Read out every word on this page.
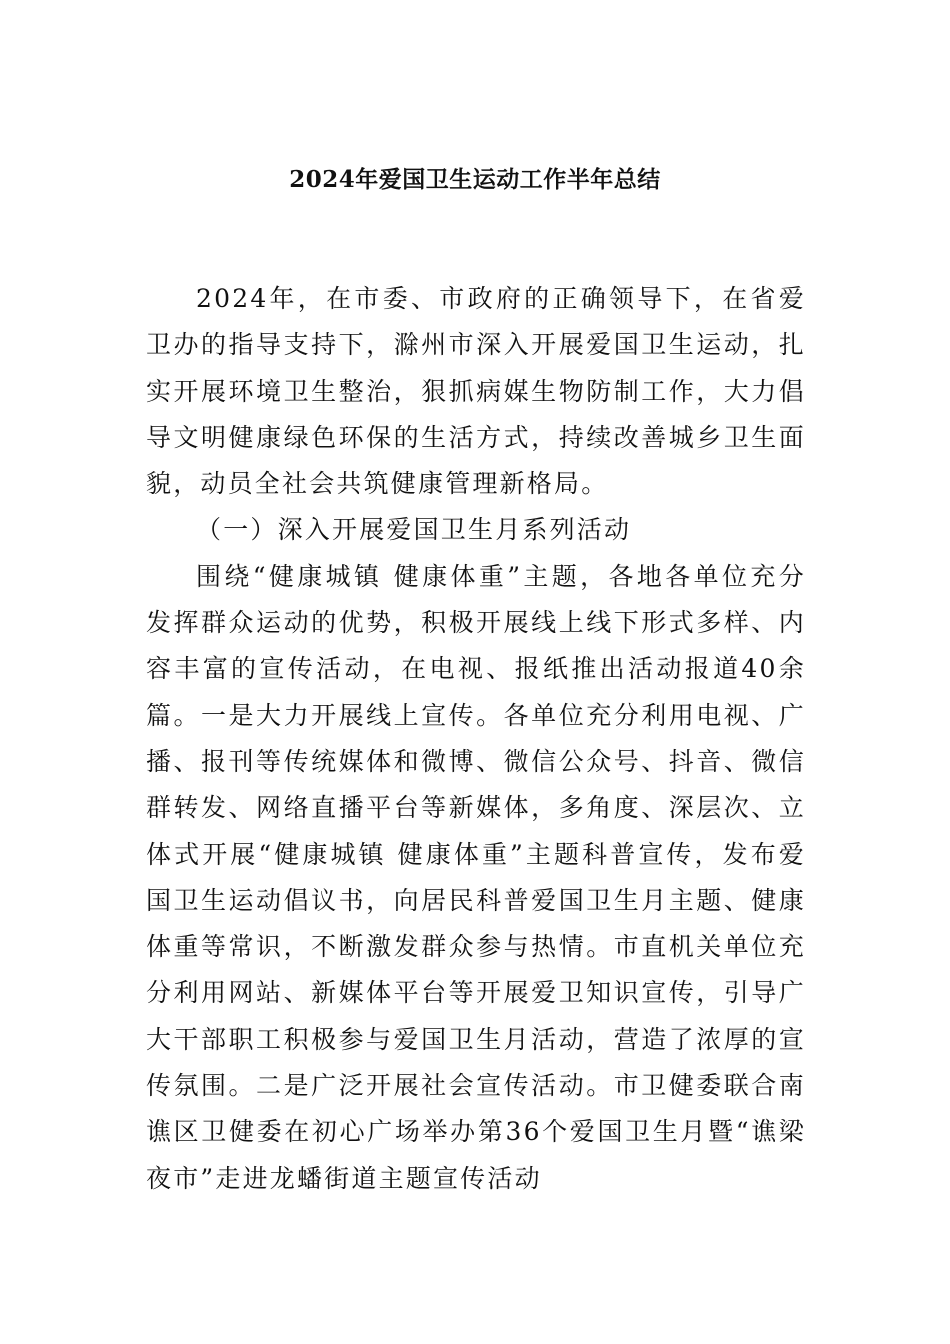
2024年爱国卫生运动工作半年总结

2024年，在市委、市政府的正确领导下，在省爱卫办的指导支持下，滁州市深入开展爱国卫生运动，扎实开展环境卫生整治，狠抓病媒生物防制工作，大力倡导文明健康绿色环保的生活方式，持续改善城乡卫生面貌，动员全社会共筑健康管理新格局。

（一）深入开展爱国卫生月系列活动

围绕“健康城镇 健康体重”主题，各地各单位充分发挥群众运动的优势，积极开展线上线下形式多样、内容丰富的宣传活动，在电视、报纸推出活动报道40余篇。一是大力开展线上宣传。各单位充分利用电视、广播、报刊等传统媒体和微博、微信公众号、抖音、微信群转发、网络直播平台等新媒体，多角度、深层次、立体式开展“健康城镇 健康体重”主题科普宣传，发布爱国卫生运动倡议书，向居民科普爱国卫生月主题、健康体重等常识，不断激发群众参与热情。市直机关单位充分利用网站、新媒体平台等开展爱卫知识宣传，引导广大干部职工积极参与爱国卫生月活动，营造了浓厚的宣传氛围。二是广泛开展社会宣传活动。市卫健委联合南谯区卫健委在初心广场举办第36个爱国卫生月暨“谯梁夜市”走进龙蟠街道主题宣传活动
